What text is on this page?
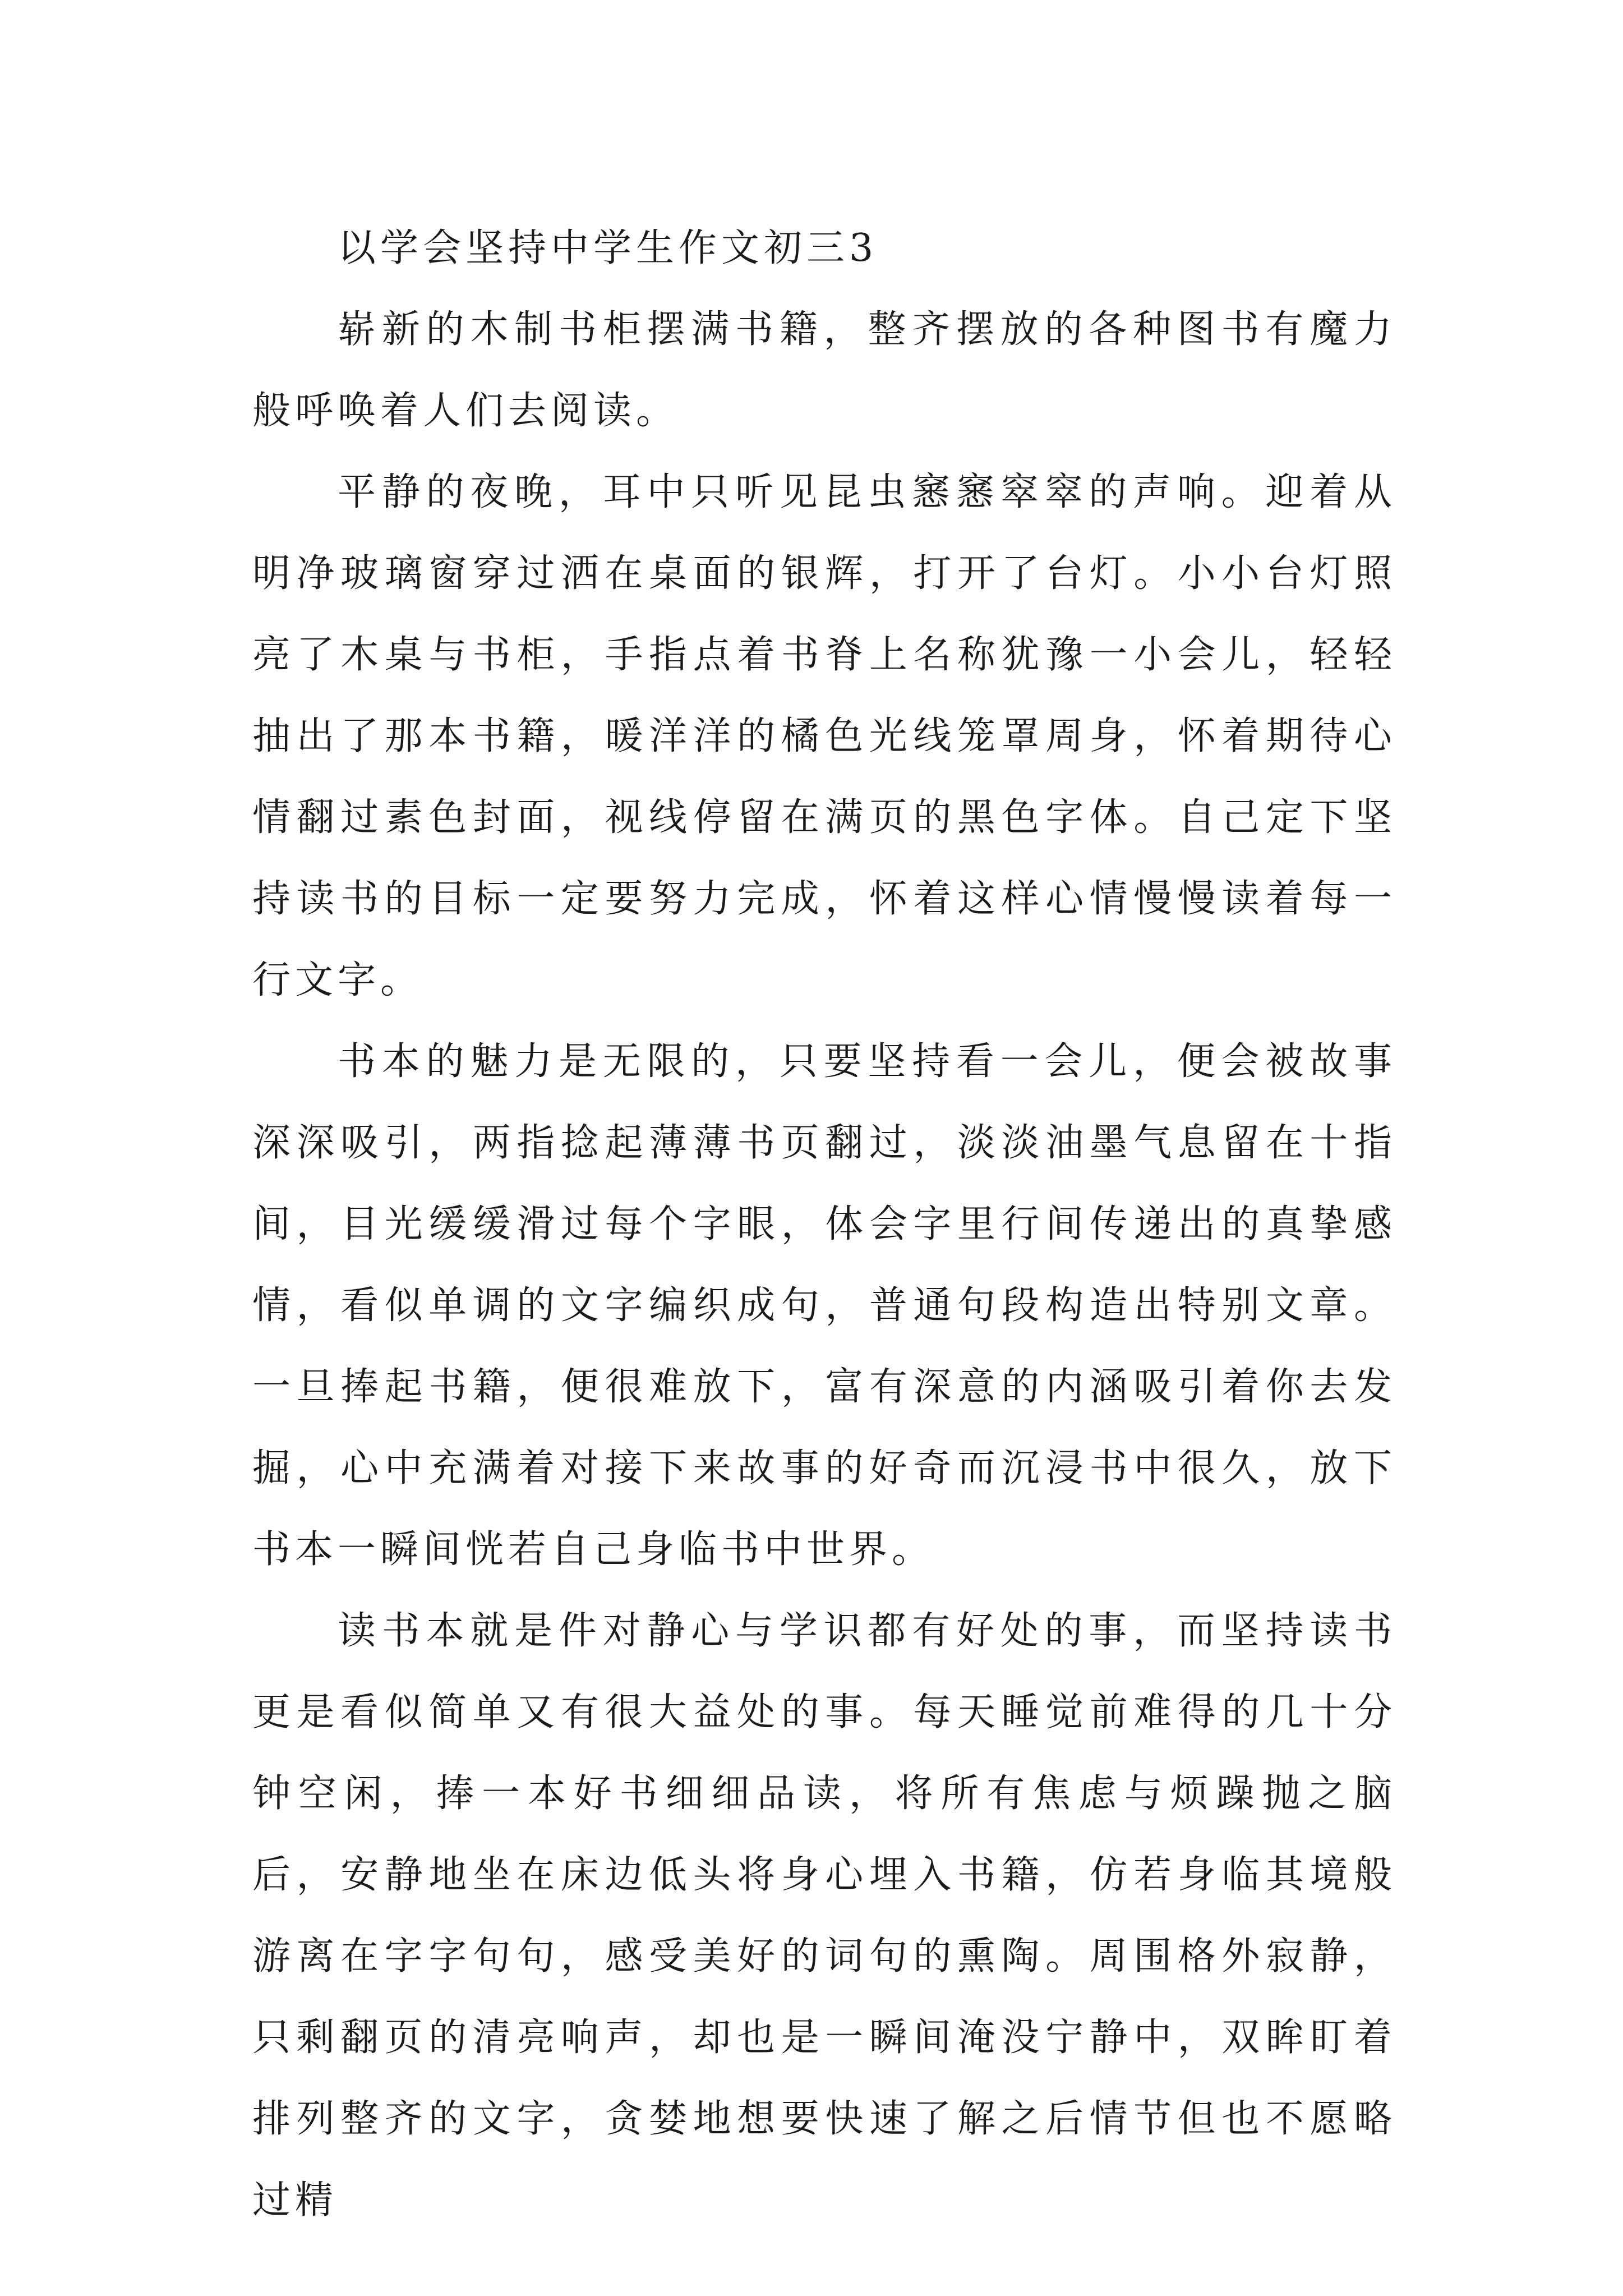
以学会坚持中学生作文初三3

崭新的木制书柜摆满书籍，整齐摆放的各种图书有魔力般呼唤着人们去阅读。

平静的夜晚，耳中只听见昆虫窸窸窣窣的声响。迎着从明净玻璃窗穿过洒在桌面的银辉，打开了台灯。小小台灯照亮了木桌与书柜，手指点着书脊上名称犹豫一小会儿，轻轻抽出了那本书籍，暖洋洋的橘色光线笼罩周身，怀着期待心情翻过素色封面，视线停留在满页的黑色字体。自己定下坚持读书的目标一定要努力完成，怀着这样心情慢慢读着每一行文字。

书本的魅力是无限的，只要坚持看一会儿，便会被故事深深吸引，两指捻起薄薄书页翻过，淡淡油墨气息留在十指间，目光缓缓滑过每个字眼，体会字里行间传递出的真挚感情，看似单调的文字编织成句，普通句段构造出特别文章。一旦捧起书籍，便很难放下，富有深意的内涵吸引着你去发掘，心中充满着对接下来故事的好奇而沉浸书中很久，放下书本一瞬间恍若自己身临书中世界。

读书本就是件对静心与学识都有好处的事，而坚持读书更是看似简单又有很大益处的事。每天睡觉前难得的几十分钟空闲，捧一本好书细细品读，将所有焦虑与烦躁抛之脑后，安静地坐在床边低头将身心埋入书籍，仿若身临其境般游离在字字句句，感受美好的词句的熏陶。周围格外寂静，只剩翻页的清亮响声，却也是一瞬间淹没宁静中，双眸盯着排列整齐的文字，贪婪地想要快速了解之后情节但也不愿略过精
